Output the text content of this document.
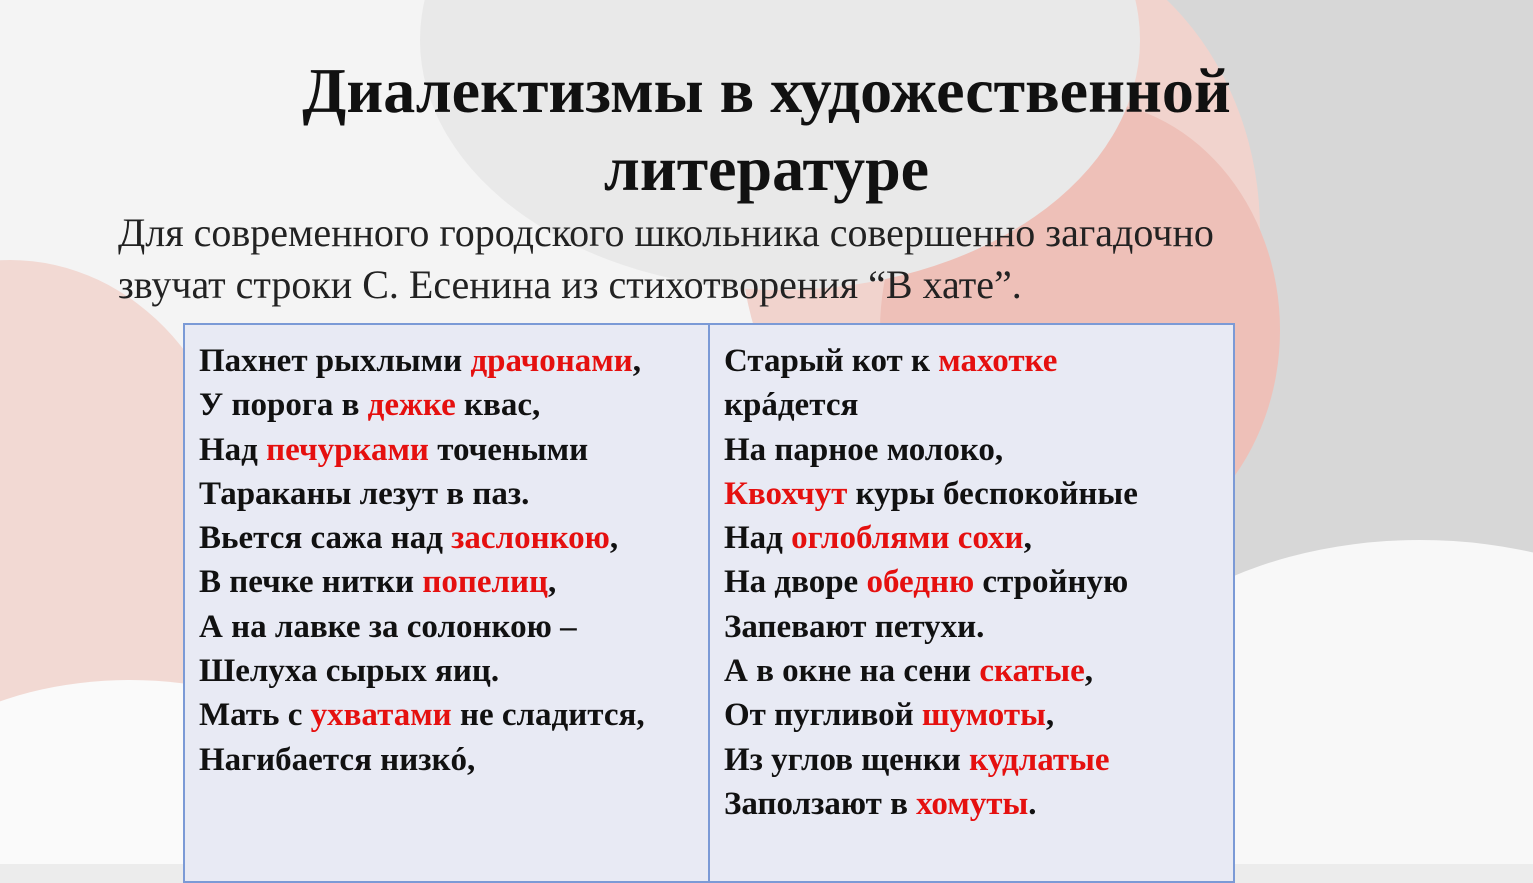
Диалектизмы в художественной
литературе
Для современного городского школьника совершенно загадочно
звучат строки С. Есенина из стихотворения “В хате”.
Пахнет рыхлыми драчонами,
У порога в дежке квас,
Над печурками точеными
Тараканы лезут в паз.
Вьется сажа над заслонкою,
В печке нитки попелиц,
А на лавке за солонкою –
Шелуха сырых яиц.
Мать с ухватами не сладится,
Нагибается низкó,
Старый кот к махотке
крáдется
На парное молоко,
Квохчут куры беспокойные
Над оглоблями сохи,
На дворе обедню стройную
Запевают петухи.
А в окне на сени скатые,
От пугливой шумоты,
Из углов щенки кудлатые
Заползают в хомуты.
